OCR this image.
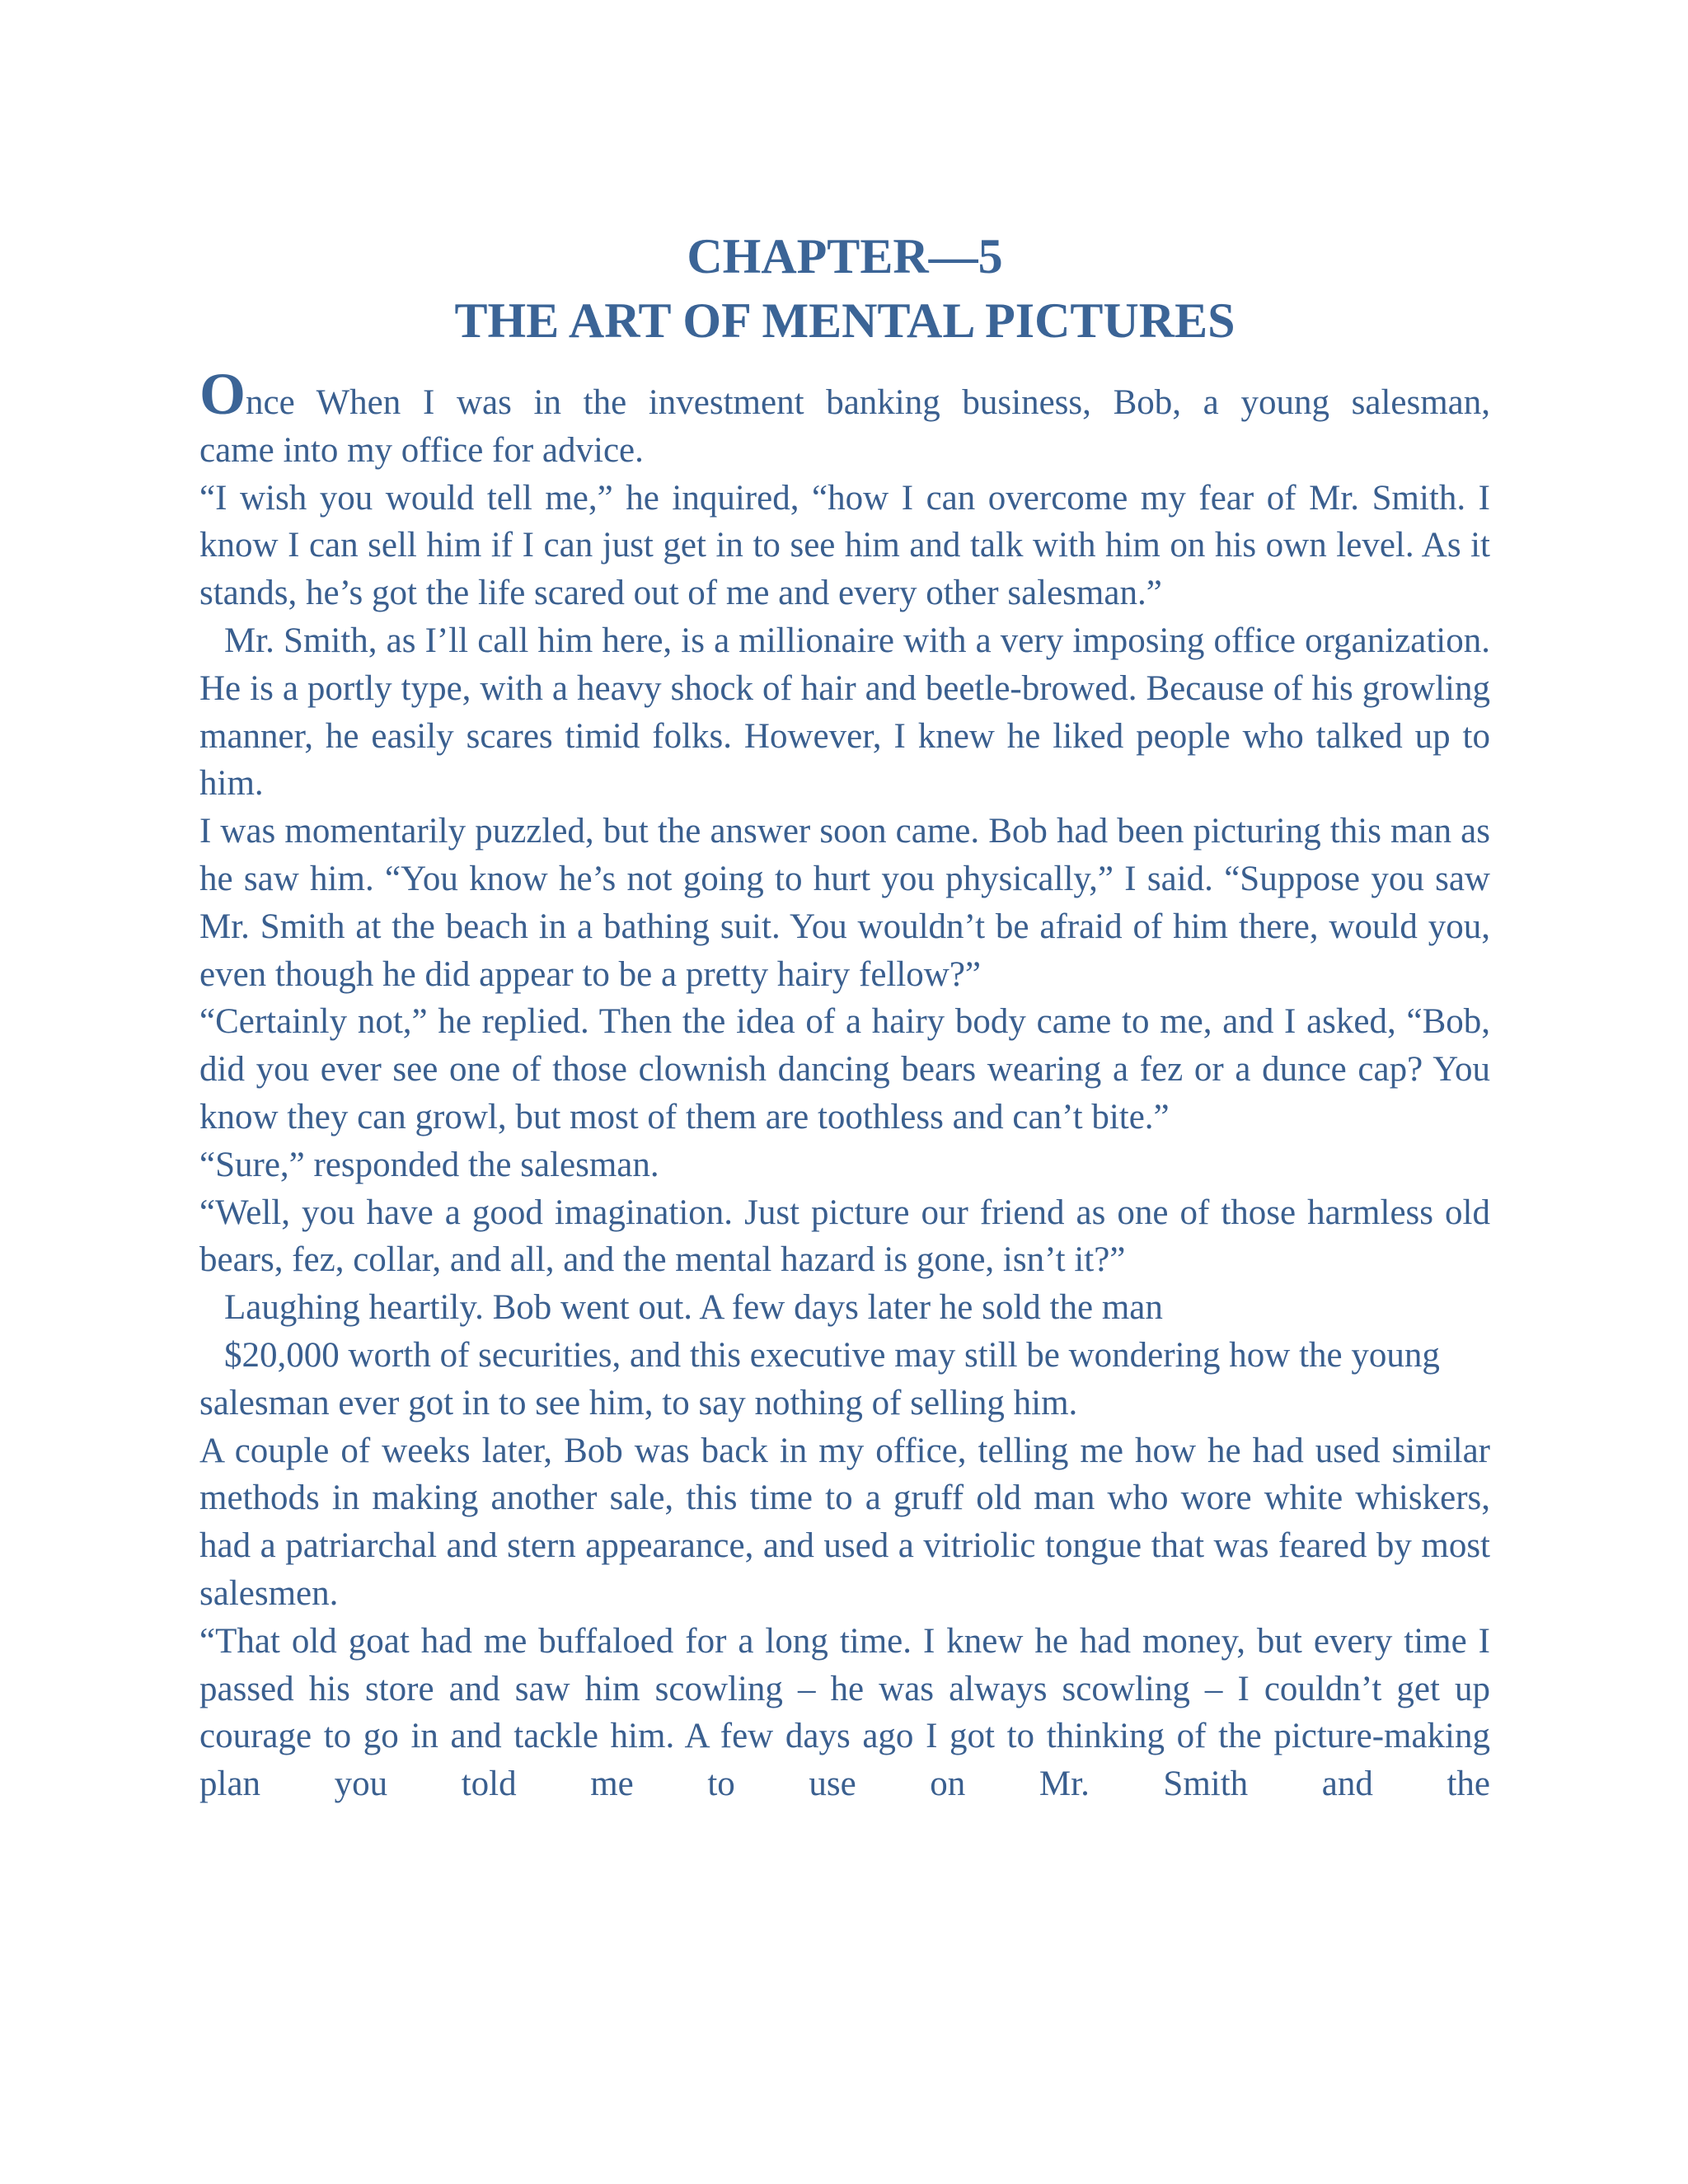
CHAPTER—5
THE ART OF MENTAL PICTURES

Once When I was in the investment banking business, Bob, a young salesman,
came into my office for advice.

“I wish you would tell me,” he inquired, “how I can overcome my fear of Mr. Smith. I know I can sell him if I can just get in to see him and talk with him on his own level. As it stands, he’s got the life scared out of me and every other salesman.”

Mr. Smith, as I’ll call him here, is a millionaire with a very imposing office organization. He is a portly type, with a heavy shock of hair and beetle-browed. Because of his growling manner, he easily scares timid folks. However, I knew he liked people who talked up to him.

I was momentarily puzzled, but the answer soon came. Bob had been picturing this man as he saw him. “You know he’s not going to hurt you physically,” I said. “Suppose you saw Mr. Smith at the beach in a bathing suit. You wouldn’t be afraid of him there, would you, even though he did appear to be a pretty hairy fellow?”

“Certainly not,” he replied. Then the idea of a hairy body came to me, and I asked, “Bob, did you ever see one of those clownish dancing bears wearing a fez or a dunce cap? You know they can growl, but most of them are toothless and can’t bite.”

“Sure,” responded the salesman.

“Well, you have a good imagination. Just picture our friend as one of those harmless old bears, fez, collar, and all, and the mental hazard is gone, isn’t it?”

Laughing heartily. Bob went out. A few days later he sold the man

$20,000 worth of securities, and this executive may still be wondering how the young salesman ever got in to see him, to say nothing of selling him.

A couple of weeks later, Bob was back in my office, telling me how he had used similar methods in making another sale, this time to a gruff old man who wore white whiskers, had a patriarchal and stern appearance, and used a vitriolic tongue that was feared by most salesmen.

“That old goat had me buffaloed for a long time. I knew he had money, but every time I passed his store and saw him scowling – he was always scowling – I couldn’t get up courage to go in and tackle him. A few days ago I got to thinking of the picture-making plan you told me to use on Mr. Smith and the
